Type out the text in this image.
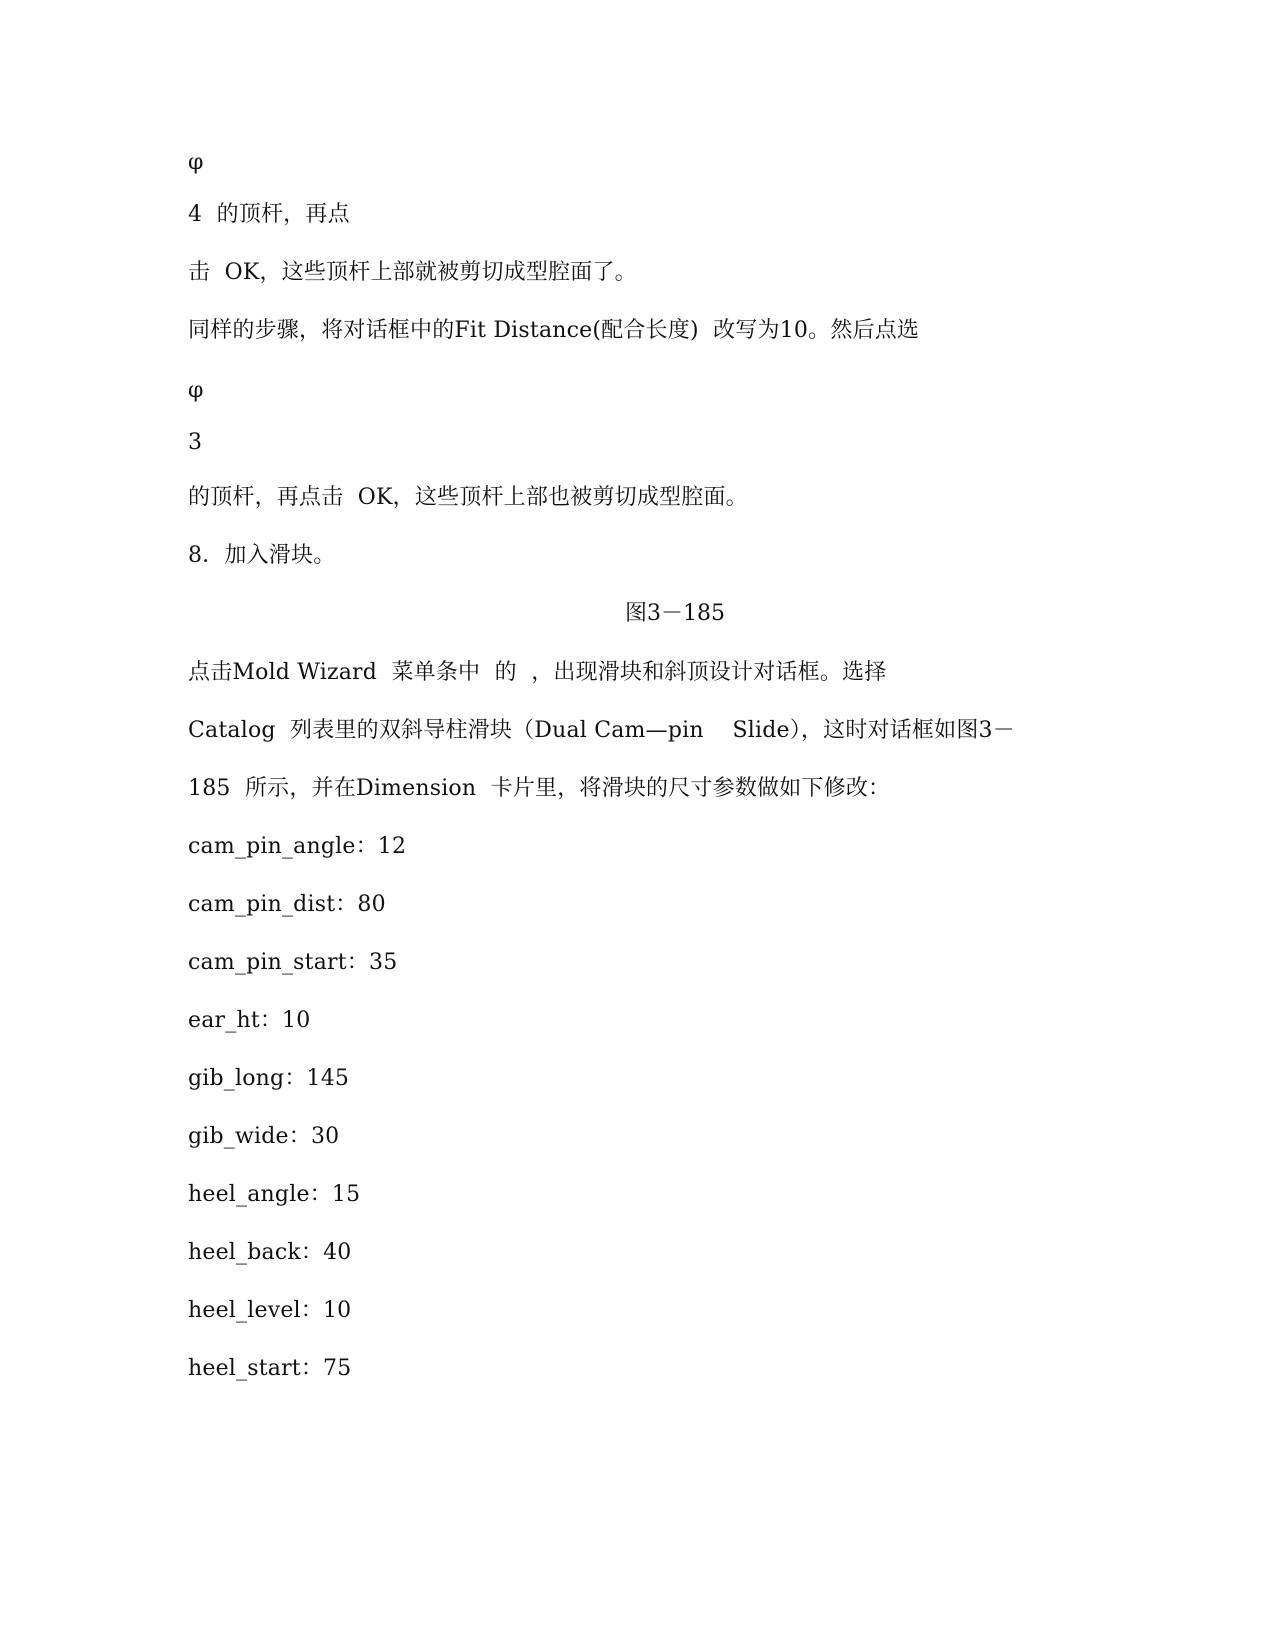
φ
4  的顶杆，再点
击  OK，这些顶杆上部就被剪切成型腔面了。
同样的步骤，将对话框中的Fit Distance(配合长度)  改写为10。然后点选
φ
3
的顶杆，再点击  OK，这些顶杆上部也被剪切成型腔面。
8．加入滑块。
图3－185
点击Mold Wizard  菜单条中  的  ，出现滑块和斜顶设计对话框。选择
Catalog  列表里的双斜导柱滑块（Dual Cam—pin    Slide），这时对话框如图3－
185  所示，并在Dimension  卡片里，将滑块的尺寸参数做如下修改：
cam_pin_angle：12
cam_pin_dist：80
cam_pin_start：35
ear_ht：10
gib_long：145
gib_wide：30
heel_angle：15
heel_back：40
heel_level：10
heel_start：75
